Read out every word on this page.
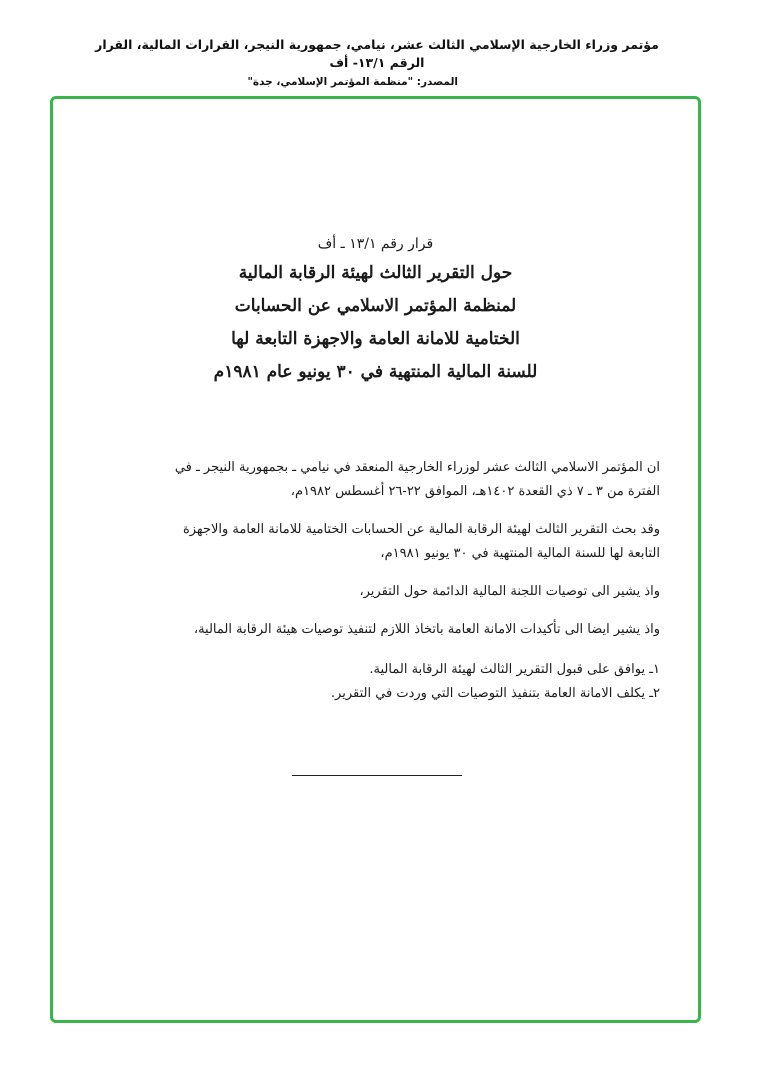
مؤتمر وزراء الخارجية الإسلامي الثالث عشر، نيامي، جمهورية النيجر، القرارات المالية، القرار الرقم ١٣/١- أف
المصدر: "منظمة المؤتمر الإسلامي، جدة"
قرار رقم ١٣/١ ـ أف
حول التقرير الثالث لهيئة الرقابة المالية
لمنظمة المؤتمر الاسلامي عن الحسابات
الختامية للامانة العامة والاجهزة التابعة لها
للسنة المالية المنتهية في ٣٠ يونيو عام ١٩٨١م

ان المؤتمر الاسلامي الثالث عشر لوزراء الخارجية المنعقد في نيامي ـ بجمهورية النيجر ـ في

الفترة من ٣ ـ ٧ ذي القعدة ١٤٠٢هـ، الموافق ٢٢-٢٦ أغسطس ١٩٨٢م،

وقد بحث التقرير الثالث لهيئة الرقابة المالية عن الحسابات الختامية للامانة العامة والاجهزة

التابعة لها للسنة المالية المنتهية في ٣٠ يونيو ١٩٨١م،

واذ يشير الى توصيات اللجنة المالية الدائمة حول التقرير،

واذ يشير ايضا الى تأكيدات الامانة العامة باتخاذ اللازم لتنفيذ توصيات هيئة الرقابة المالية،

١ـ يوافق على قبول التقرير الثالث لهيئة الرقابة المالية.

٢ـ يكلف الامانة العامة بتنفيذ التوصيات التي وردت في التقرير.
